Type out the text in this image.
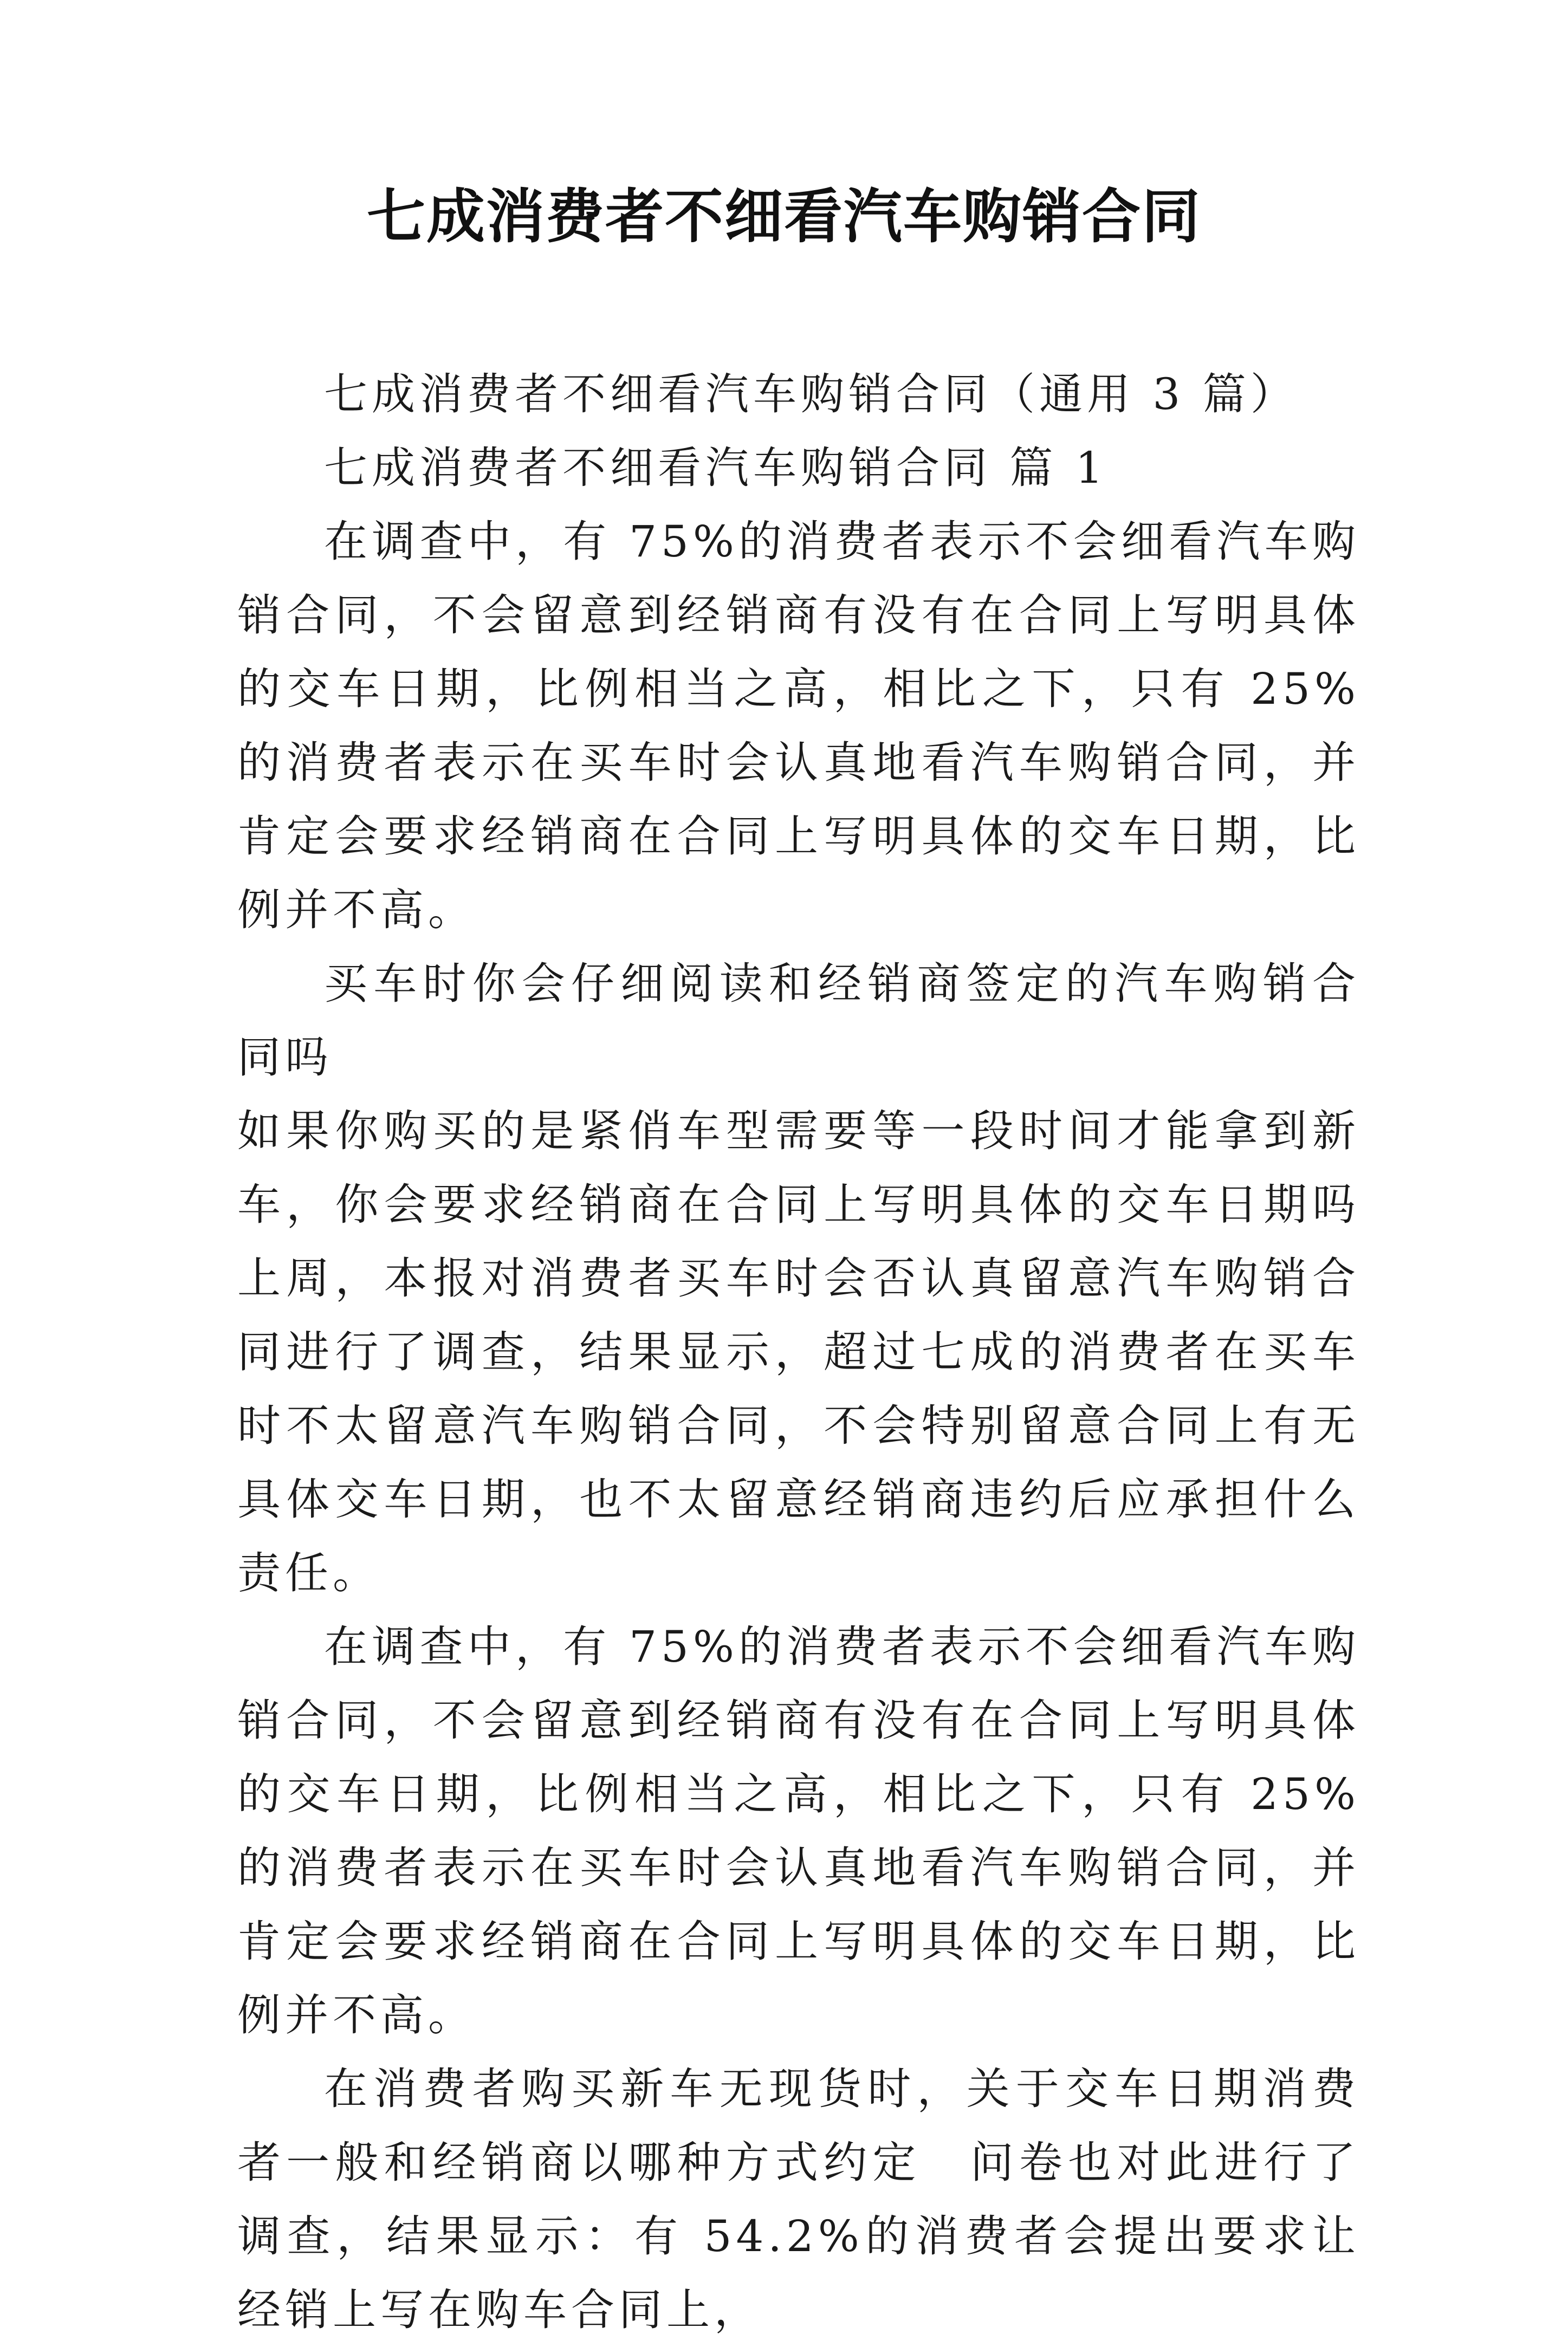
七成消费者不细看汽车购销合同

七成消费者不细看汽车购销合同（通用 3 篇）

七成消费者不细看汽车购销合同 篇 1

在调查中，有 75%的消费者表示不会细看汽车购销合同，不会留意到经销商有没有在合同上写明具体的交车日期，比例相当之高，相比之下，只有 25%的消费者表示在买车时会认真地看汽车购销合同，并肯定会要求经销商在合同上写明具体的交车日期，比例并不高。

买车时你会仔细阅读和经销商签定的汽车购销合同吗

如果你购买的是紧俏车型需要等一段时间才能拿到新车，你会要求经销商在合同上写明具体的交车日期吗　上周，本报对消费者买车时会否认真留意汽车购销合同进行了调查，结果显示，超过七成的消费者在买车时不太留意汽车购销合同，不会特别留意合同上有无具体交车日期，也不太留意经销商违约后应承担什么责任。

在调查中，有 75%的消费者表示不会细看汽车购销合同，不会留意到经销商有没有在合同上写明具体的交车日期，比例相当之高，相比之下，只有 25%的消费者表示在买车时会认真地看汽车购销合同，并肯定会要求经销商在合同上写明具体的交车日期，比例并不高。

在消费者购买新车无现货时，关于交车日期消费者一般和经销商以哪种方式约定　问卷也对此进行了调查，结果显示：有 54.2%的消费者会提出要求让经销上写在购车合同上，
